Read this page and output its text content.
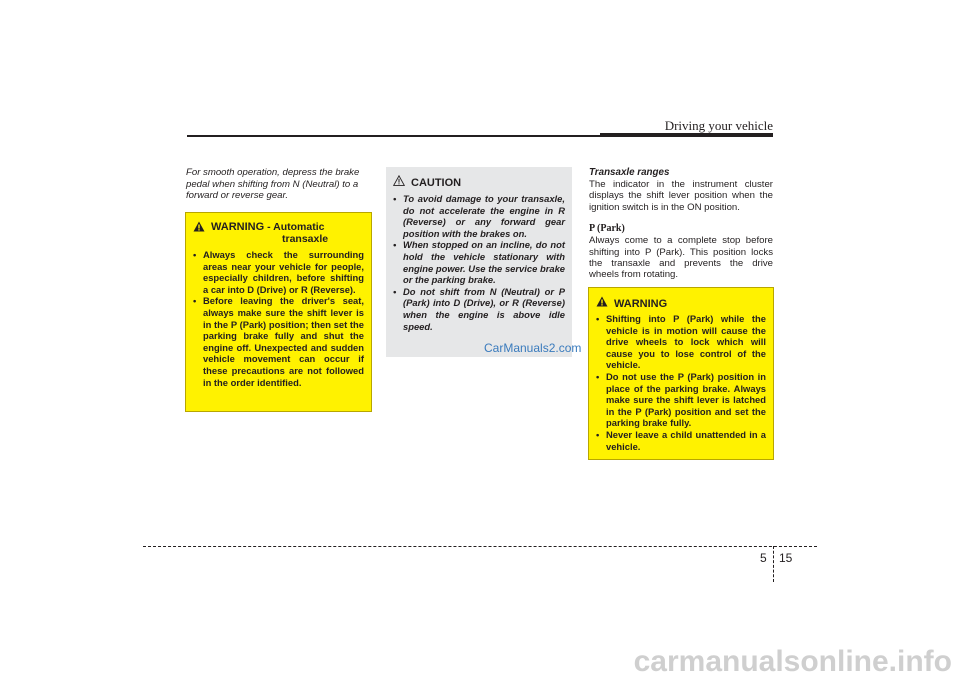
Driving your vehicle
For smooth operation, depress the brake pedal when shifting from N (Neutral) to a forward or reverse gear.
WARNING - Automatic
transaxle
• Always check the surrounding areas near your vehicle for people, especially children, before shifting a car into D (Drive) or R (Reverse).
• Before leaving the driver's seat, always make sure the shift lever is in the P (Park) position; then set the parking brake fully and shut the engine off. Unexpected and sudden vehicle movement can occur if these precautions are not followed in the order identified.
CAUTION
• To avoid damage to your transaxle, do not accelerate the engine in R (Reverse) or any forward gear position with the brakes on.
• When stopped on an incline, do not hold the vehicle stationary with engine power. Use the service brake or the parking brake.
• Do not shift from N (Neutral) or P (Park) into D (Drive), or R (Reverse) when the engine is above idle speed.
CarManuals2.com
Transaxle ranges

The indicator in the instrument cluster displays the shift lever position when the ignition switch is in the ON position.

P (Park)

Always come to a complete stop before shifting into P (Park). This position locks the transaxle and prevents the drive wheels from rotating.

WARNING
• Shifting into P (Park) while the vehicle is in motion will cause the drive wheels to lock which will cause you to lose control of the vehicle.
• Do not use the P (Park) position in place of the parking brake. Always make sure the shift lever is latched in the P (Park) position and set the parking brake fully.
• Never leave a child unattended in a vehicle.
5 15
carmanualsonline.info
